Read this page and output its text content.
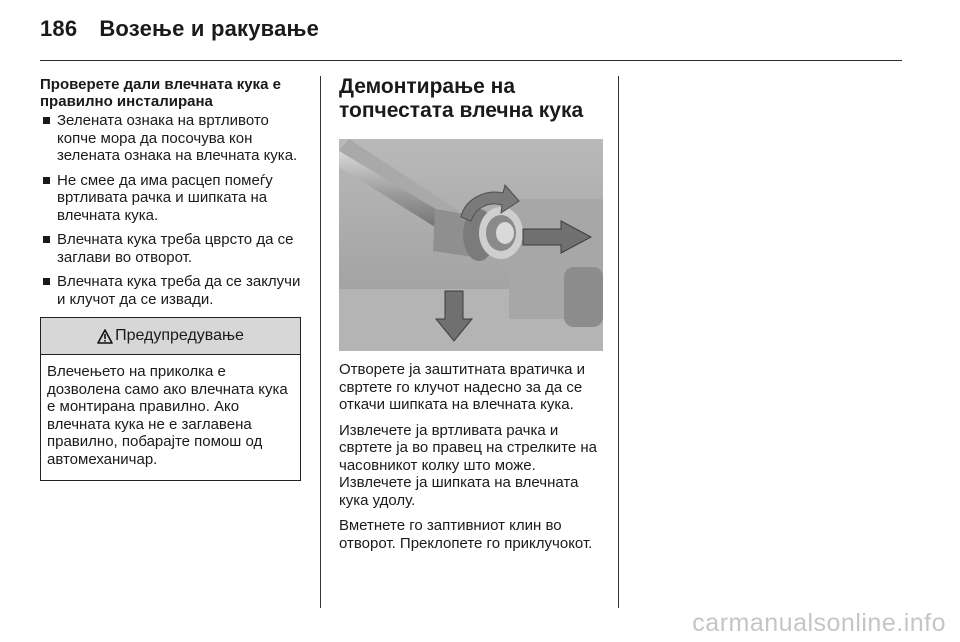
186 Возење и ракување
Проверете дали влечната кука е правилно инсталирана
Зелената ознака на вртливото копче мора да посочува кон зелената ознака на влечната кука.
Не смее да има расцеп помеѓу вртливата рачка и шипката на влечната кука.
Влечната кука треба цврсто да се заглави во отворот.
Влечната кука треба да се заклучи и клучот да се извади.
Предупредување
Влечењето на приколка е дозволена само ако влечната кука е монтирана правилно. Ако влечната кука не е заглавена правилно, побарајте помош од автомеханичар.
Демонтирање на топчестата влечна кука

Отворете ја заштитната вратичка и свртете го клучот надесно за да се откачи шипката на влечната кука.

Извлечете ја вртливата рачка и свртете ја во правец на стрелките на часовникот колку што може. Извлечете ја шипката на влечната кука удолу.

Вметнете го заптивниот клин во отворот. Преклопете го приклучокот.

carmanualsonline.info
